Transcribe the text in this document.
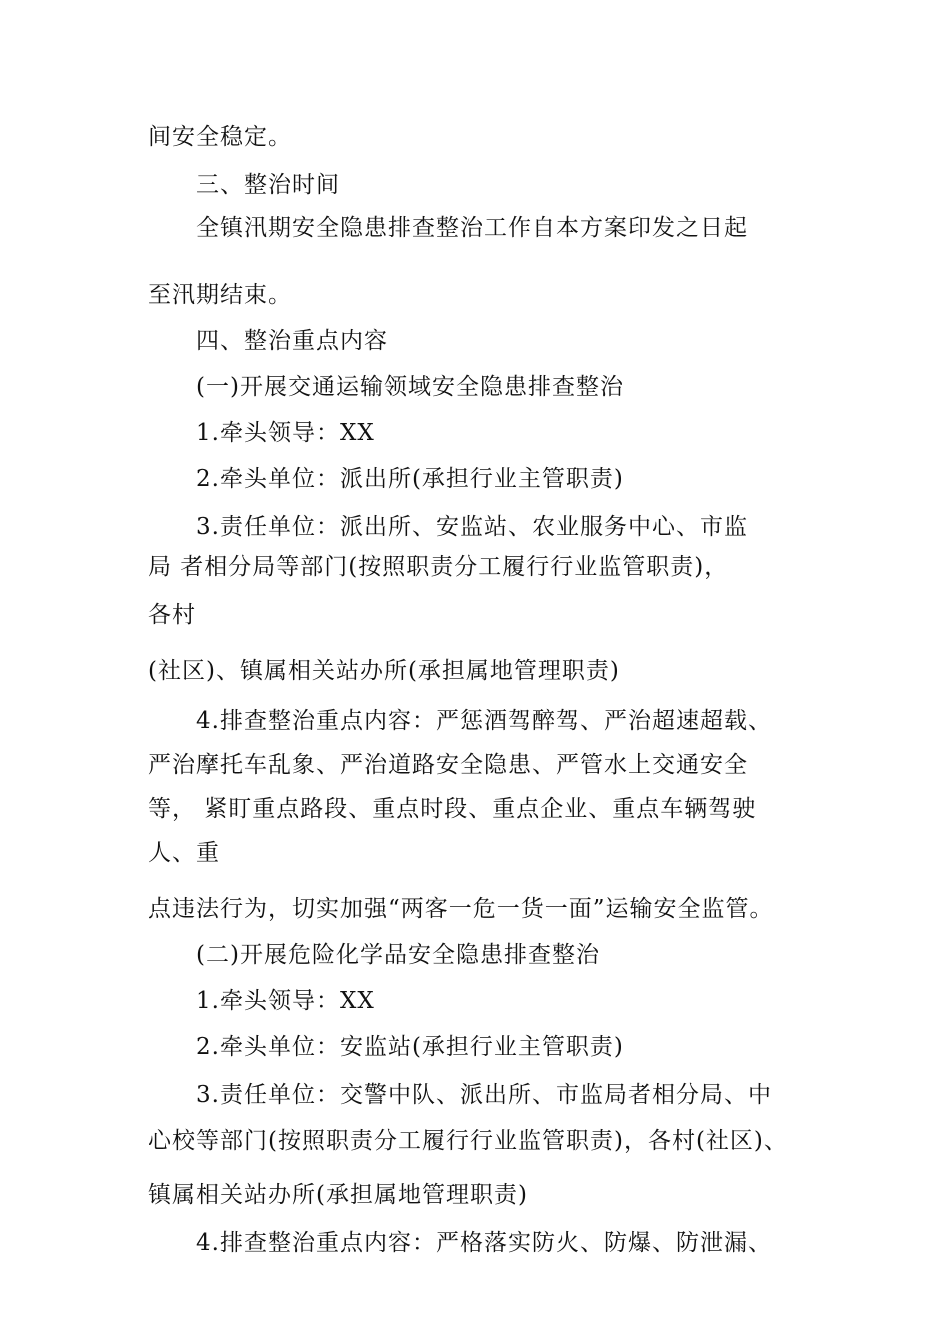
间安全稳定。

三、整治时间

全镇汛期安全隐患排查整治工作自本方案印发之日起

至汛期结束。

四、整治重点内容

(一)开展交通运输领域安全隐患排查整治

1.牵头领导：XX

2.牵头单位：派出所(承担行业主管职责)

3.责任单位：派出所、安监站、农业服务中心、市监

局 者相分局等部门(按照职责分工履行行业监管职责)，

各村

(社区)、镇属相关站办所(承担属地管理职责)

4.排查整治重点内容：严惩酒驾醉驾、严治超速超载、

严治摩托车乱象、严治道路安全隐患、严管水上交通安全

等， 紧盯重点路段、重点时段、重点企业、重点车辆驾驶

人、重

点违法行为，切实加强“两客一危一货一面”运输安全监管。

(二)开展危险化学品安全隐患排查整治

1.牵头领导：XX

2.牵头单位：安监站(承担行业主管职责)

3.责任单位：交警中队、派出所、市监局者相分局、中

心校等部门(按照职责分工履行行业监管职责)，各村(社区)、

镇属相关站办所(承担属地管理职责)

4.排查整治重点内容：严格落实防火、防爆、防泄漏、
